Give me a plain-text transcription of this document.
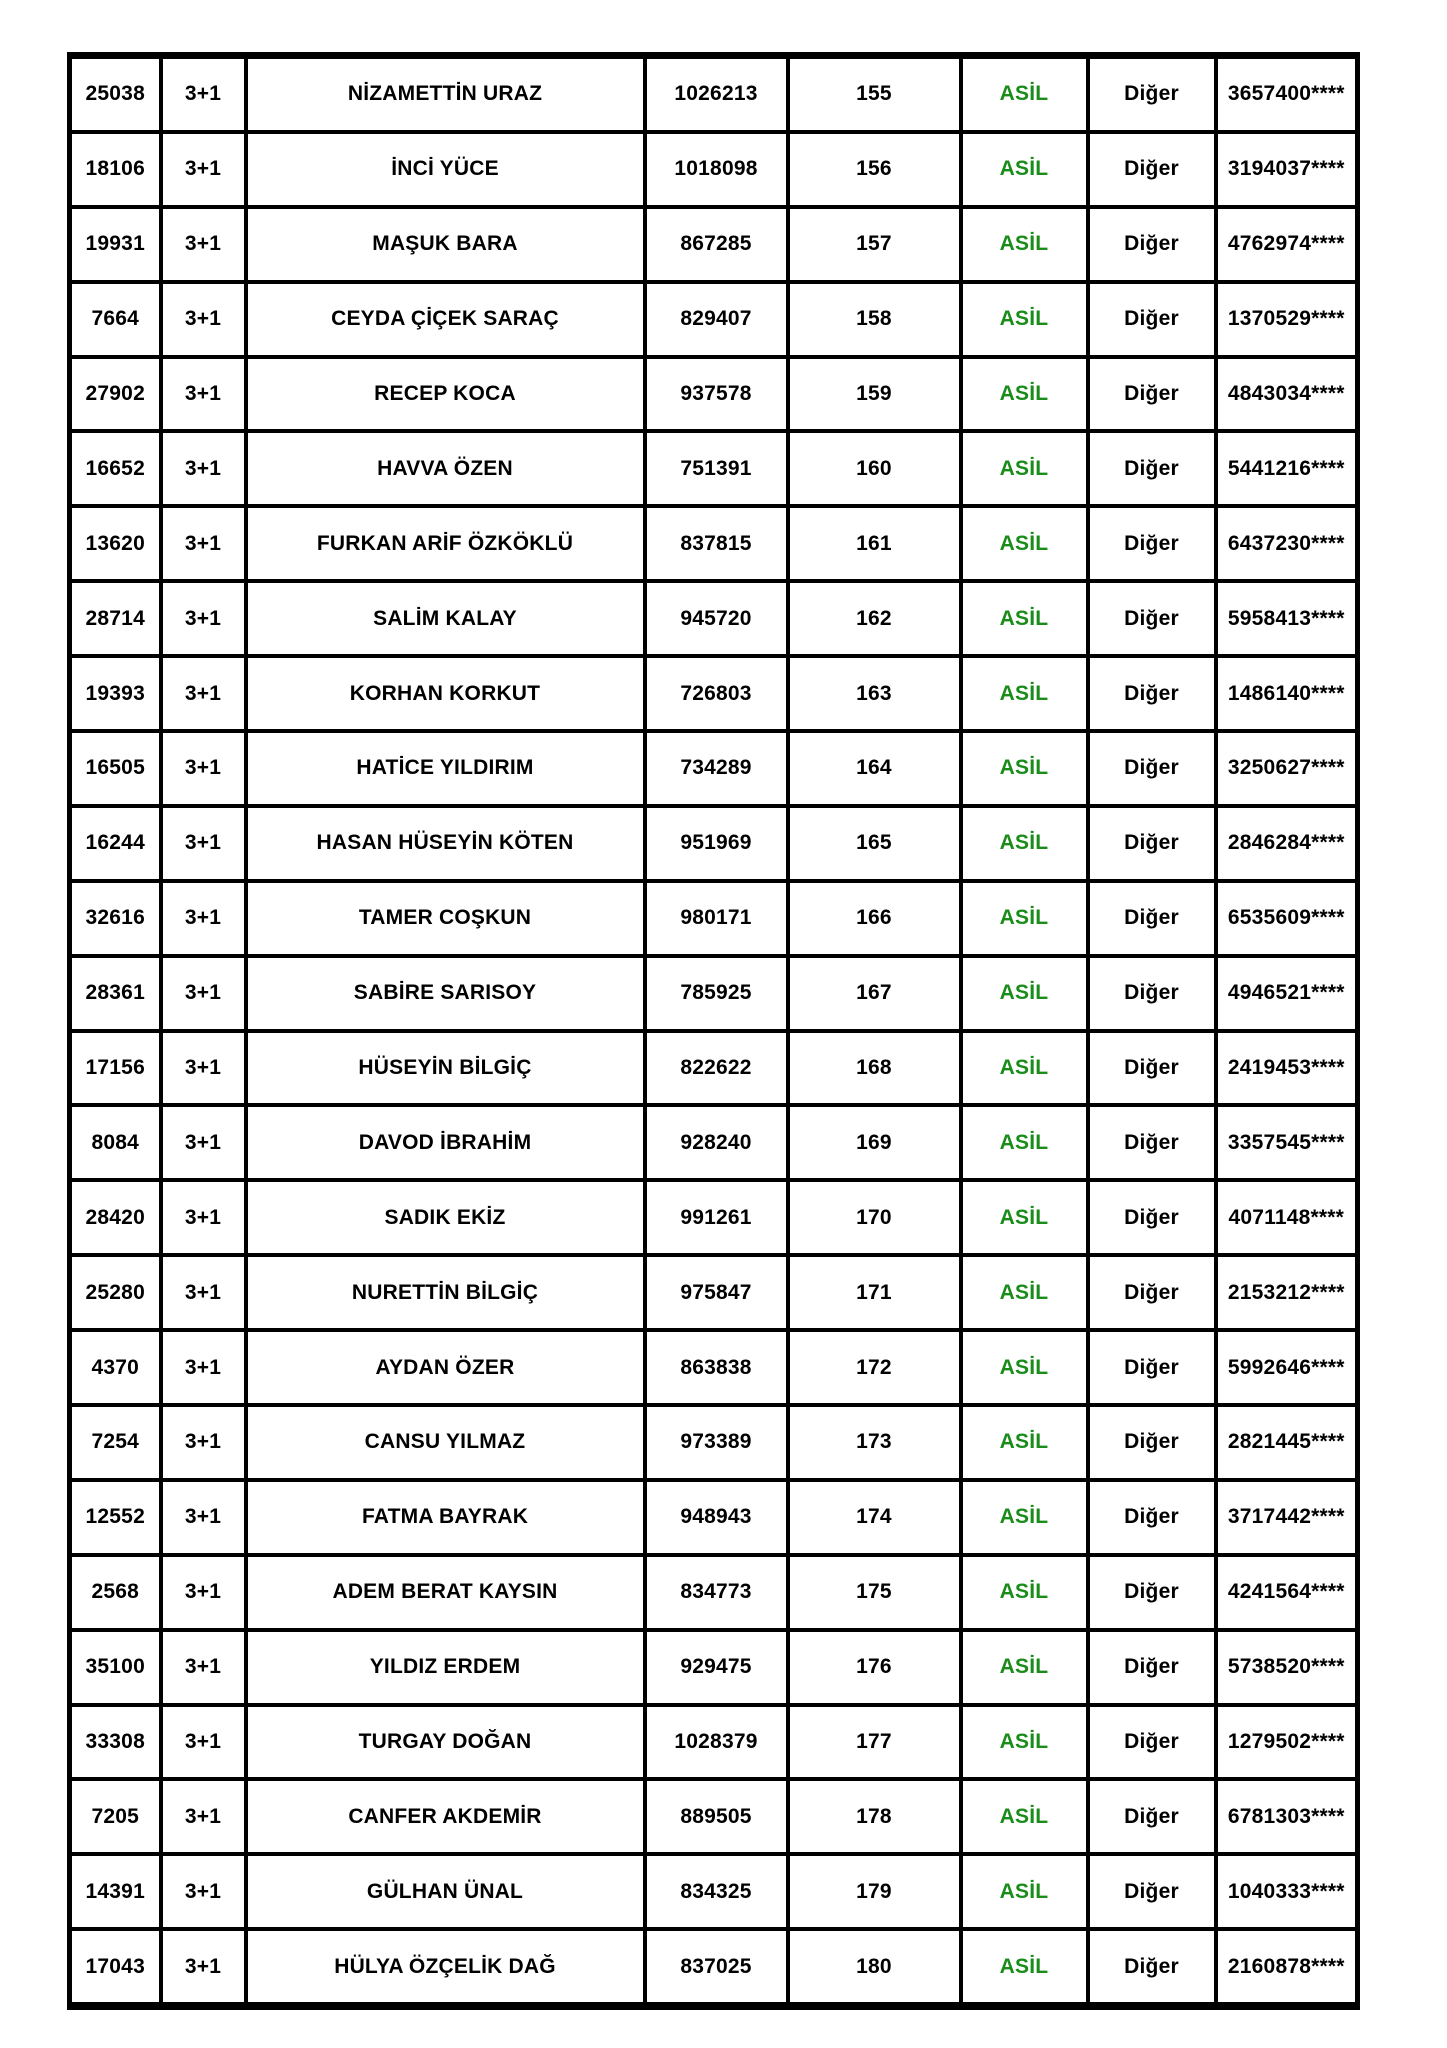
25038	3+1	NİZAMETTİN URAZ	1026213	155	ASİL	Diğer	3657400****
18106	3+1	İNCİ YÜCE	1018098	156	ASİL	Diğer	3194037****
19931	3+1	MAŞUK BARA	867285	157	ASİL	Diğer	4762974****
7664	3+1	CEYDA ÇİÇEK SARAÇ	829407	158	ASİL	Diğer	1370529****
27902	3+1	RECEP KOCA	937578	159	ASİL	Diğer	4843034****
16652	3+1	HAVVA ÖZEN	751391	160	ASİL	Diğer	5441216****
13620	3+1	FURKAN ARİF ÖZKÖKLÜ	837815	161	ASİL	Diğer	6437230****
28714	3+1	SALİM KALAY	945720	162	ASİL	Diğer	5958413****
19393	3+1	KORHAN KORKUT	726803	163	ASİL	Diğer	1486140****
16505	3+1	HATİCE YILDIRIM	734289	164	ASİL	Diğer	3250627****
16244	3+1	HASAN HÜSEYİN KÖTEN	951969	165	ASİL	Diğer	2846284****
32616	3+1	TAMER COŞKUN	980171	166	ASİL	Diğer	6535609****
28361	3+1	SABİRE SARISOY	785925	167	ASİL	Diğer	4946521****
17156	3+1	HÜSEYİN BİLGİÇ	822622	168	ASİL	Diğer	2419453****
8084	3+1	DAVOD İBRAHİM	928240	169	ASİL	Diğer	3357545****
28420	3+1	SADIK EKİZ	991261	170	ASİL	Diğer	4071148****
25280	3+1	NURETTİN BİLGİÇ	975847	171	ASİL	Diğer	2153212****
4370	3+1	AYDAN ÖZER	863838	172	ASİL	Diğer	5992646****
7254	3+1	CANSU YILMAZ	973389	173	ASİL	Diğer	2821445****
12552	3+1	FATMA BAYRAK	948943	174	ASİL	Diğer	3717442****
2568	3+1	ADEM BERAT KAYSIN	834773	175	ASİL	Diğer	4241564****
35100	3+1	YILDIZ ERDEM	929475	176	ASİL	Diğer	5738520****
33308	3+1	TURGAY DOĞAN	1028379	177	ASİL	Diğer	1279502****
7205	3+1	CANFER AKDEMİR	889505	178	ASİL	Diğer	6781303****
14391	3+1	GÜLHAN ÜNAL	834325	179	ASİL	Diğer	1040333****
17043	3+1	HÜLYA ÖZÇELİK DAĞ	837025	180	ASİL	Diğer	2160878****
